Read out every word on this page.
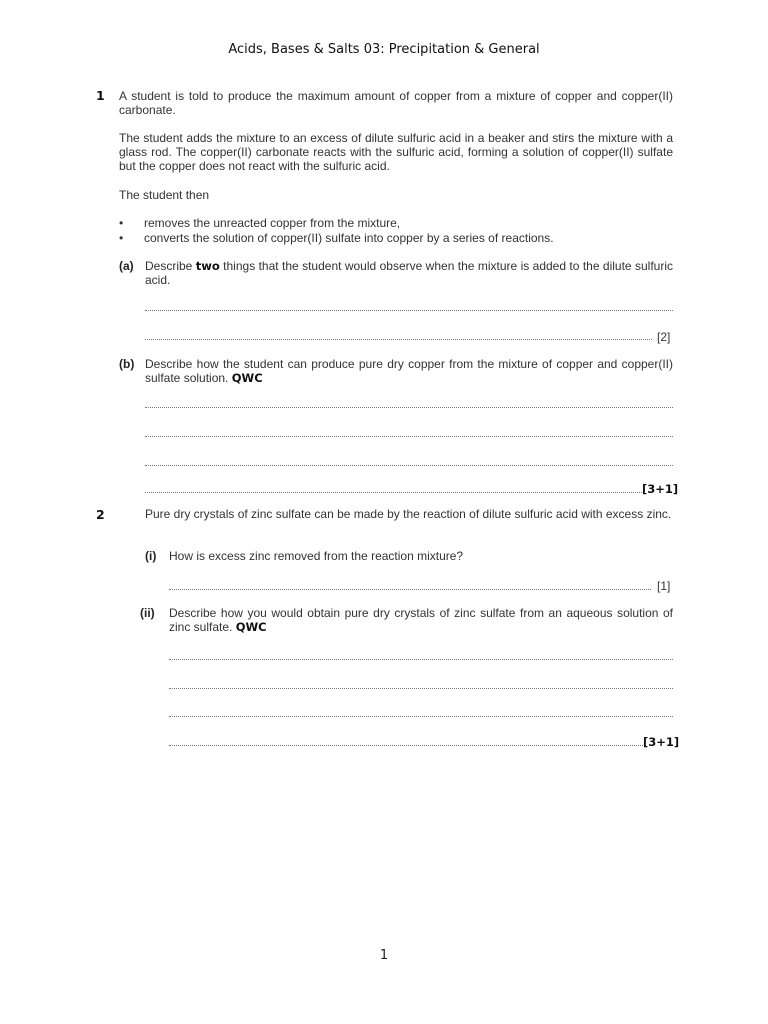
Acids, Bases & Salts 03: Precipitation & General
1 A student is told to produce the maximum amount of copper from a mixture of copper and copper(II) carbonate.

The student adds the mixture to an excess of dilute sulfuric acid in a beaker and stirs the mixture with a glass rod. The copper(II) carbonate reacts with the sulfuric acid, forming a solution of copper(II) sulfate but the copper does not react with the sulfuric acid.

The student then

• removes the unreacted copper from the mixture,
• converts the solution of copper(II) sulfate into copper by a series of reactions.
(a) Describe two things that the student would observe when the mixture is added to the dilute sulfuric acid.

[2]
(b) Describe how the student can produce pure dry copper from the mixture of copper and copper(II) sulfate solution. QWC

[3+1]
2	Pure dry crystals of zinc sulfate can be made by the reaction of dilute sulfuric acid with excess zinc.

(i) How is excess zinc removed from the reaction mixture?

[1]
(ii) Describe how you would obtain pure dry crystals of zinc sulfate from an aqueous solution of zinc sulfate. QWC

[3+1]
1
